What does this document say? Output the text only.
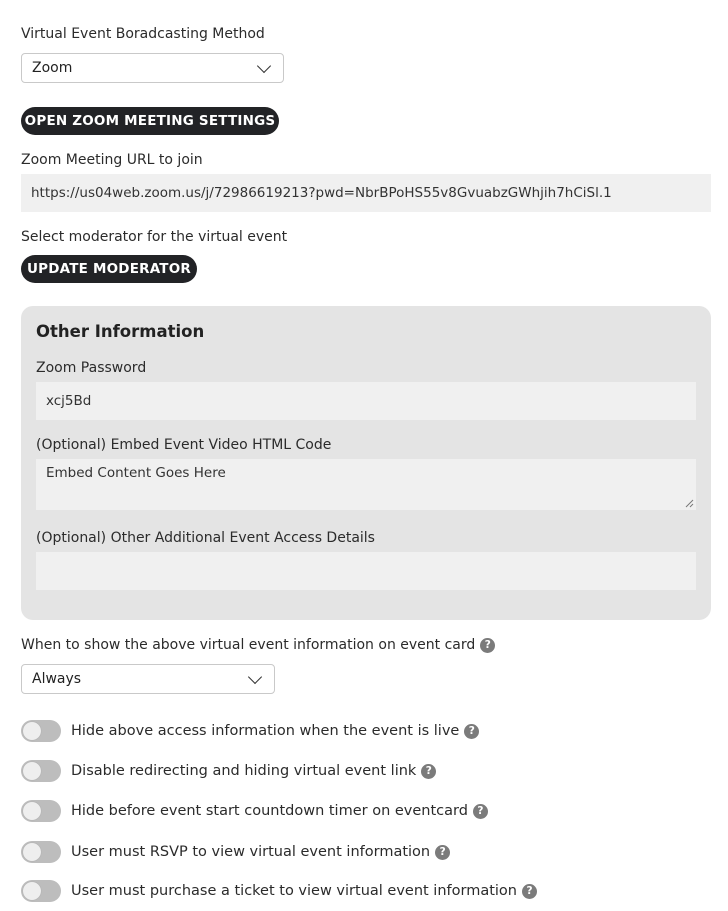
Virtual Event Boradcasting Method
Zoom
OPEN ZOOM MEETING SETTINGS
Zoom Meeting URL to join
https://us04web.zoom.us/j/72986619213?pwd=NbrBPoHS55v8GvuabzGWhjih7hCiSl.1
Select moderator for the virtual event
UPDATE MODERATOR
Other Information
Zoom Password
xcj5Bd
(Optional) Embed Event Video HTML Code
Embed Content Goes Here
(Optional) Other Additional Event Access Details
When to show the above virtual event information on event card ?
Always
Hide above access information when the event is live ?
Disable redirecting and hiding virtual event link ?
Hide before event start countdown timer on eventcard ?
User must RSVP to view virtual event information ?
User must purchase a ticket to view virtual event information ?
